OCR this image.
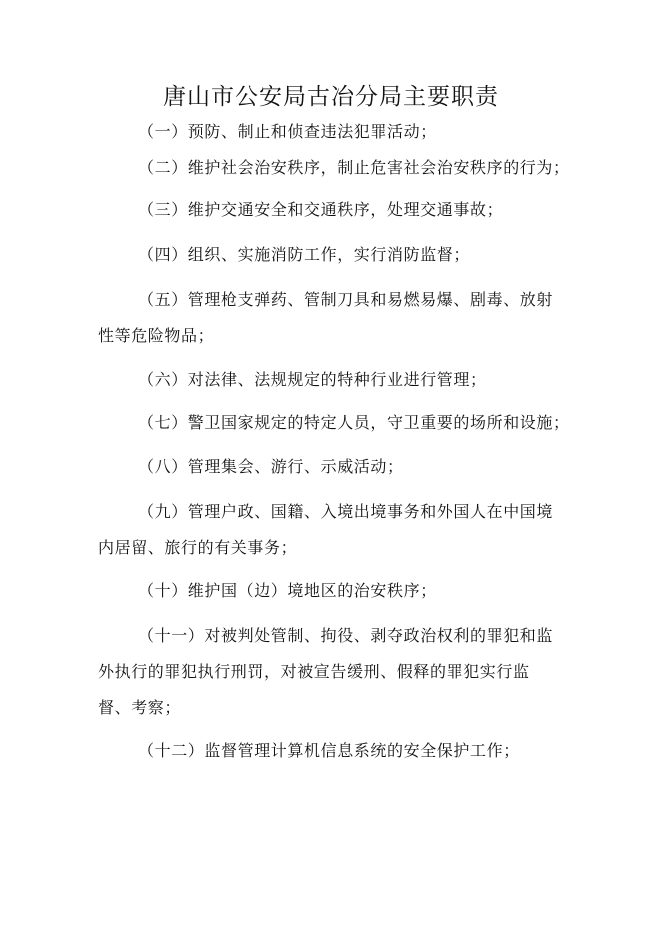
唐山市公安局古冶分局主要职责
（一）预防、制止和侦查违法犯罪活动；
（二）维护社会治安秩序，制止危害社会治安秩序的行为；
（三）维护交通安全和交通秩序，处理交通事故；
（四）组织、实施消防工作，实行消防监督；
（五）管理枪支弹药、管制刀具和易燃易爆、剧毒、放射
性等危险物品；
（六）对法律、法规规定的特种行业进行管理；
（七）警卫国家规定的特定人员，守卫重要的场所和设施；
（八）管理集会、游行、示威活动；
（九）管理户政、国籍、入境出境事务和外国人在中国境
内居留、旅行的有关事务；
（十）维护国（边）境地区的治安秩序；
（十一）对被判处管制、拘役、剥夺政治权利的罪犯和监
外执行的罪犯执行刑罚，对被宣告缓刑、假释的罪犯实行监
督、考察；
（十二）监督管理计算机信息系统的安全保护工作；
